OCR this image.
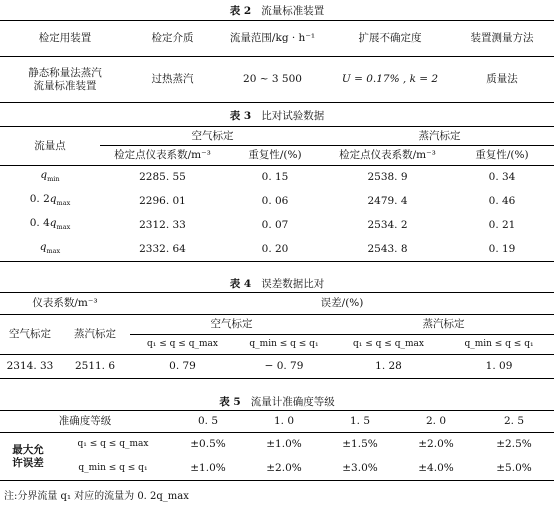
表 2 流量标准装置
检定用装置	检定介质	流量范围/kg · h⁻¹	扩展不确定度	装置测量方法
静态称量法蒸汽
流量标准装置	过热蒸汽	20 ~ 3 500	U = 0.17% , k = 2	质量法
表 3 比对试验数据
流量点	空气标定		蒸汽标定	
	检定点仪表系数/m⁻³	重复性/(%)	检定点仪表系数/m⁻³	重复性/(%)
$q_{min}$	2285. 55	0. 15	2538. 9	0. 34
0. $2q_{max}$	2296. 01	0. 06	2479. 4	0. 46
0. $4q_{max}$	2312. 33	0. 07	2534. 2	0. 21
$q_{max}$	2332. 64	0. 20	2543. 8	0. 19
表 4 误差数据比对
仪表系数/m⁻³		误差/(%)			
空气标定	蒸汽标定	空气标定		蒸汽标定	
		q₁ ≤ q ≤ q_max	q_min ≤ q ≤ q₁	q₁ ≤ q ≤ q_max	q_min ≤ q ≤ q₁
2314. 33	2511. 6	0. 79	− 0. 79	1. 28	1. 09
表 5 流量计准确度等级
准确度等级		0. 5	1. 0	1. 5	2. 0	2. 5
最大允
许误差	q₁ ≤ q ≤ q_max	±0.5%	±1.0%	±1.5%	±2.0%	±2.5%
	q_min ≤ q ≤ q₁	±1.0%	±2.0%	±3.0%	±4.0%	±5.0%
注:分界流量 q₁ 对应的流量为 0. 2q_max
